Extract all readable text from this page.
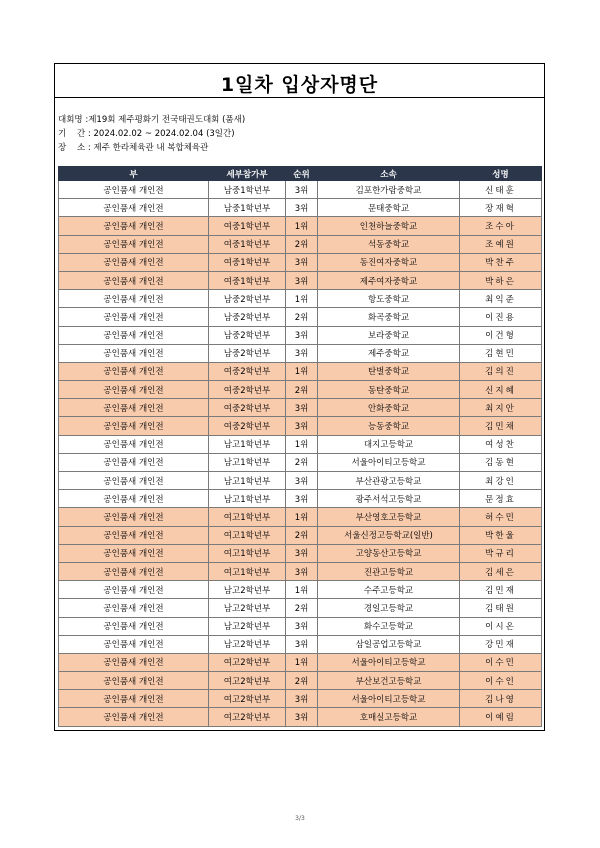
1일차 입상자명단
대회명 :제19회 제주평화기 전국태권도대회 (품새)
기    간 : 2024.02.02 ~ 2024.02.04 (3일간)
장    소 : 제주 한라체육관 내 복합체육관
부	세부참가부	순위	소속	성명
공인품새 개인전	남중1학년부	3위	김포한가람중학교	신태훈
공인품새 개인전	남중1학년부	3위	문태중학교	장재혁
공인품새 개인전	여중1학년부	1위	인천하늘중학교	조수아
공인품새 개인전	여중1학년부	2위	석동중학교	조예원
공인품새 개인전	여중1학년부	3위	동진여자중학교	박찬주
공인품새 개인전	여중1학년부	3위	제주여자중학교	박하은
공인품새 개인전	남중2학년부	1위	항도중학교	최익준
공인품새 개인전	남중2학년부	2위	화곡중학교	이진용
공인품새 개인전	남중2학년부	3위	보라중학교	이건형
공인품새 개인전	남중2학년부	3위	제주중학교	김현민
공인품새 개인전	여중2학년부	1위	탄벌중학교	김의진
공인품새 개인전	여중2학년부	2위	동탄중학교	신지혜
공인품새 개인전	여중2학년부	3위	안화중학교	최지안
공인품새 개인전	여중2학년부	3위	능동중학교	김민채
공인품새 개인전	남고1학년부	1위	대지고등학교	여성찬
공인품새 개인전	남고1학년부	2위	서울아이티고등학교	김동현
공인품새 개인전	남고1학년부	3위	부산관광고등학교	최강인
공인품새 개인전	남고1학년부	3위	광주서석고등학교	문정효
공인품새 개인전	여고1학년부	1위	부산영호고등학교	허수민
공인품새 개인전	여고1학년부	2위	서울신정고등학교(일반)	박한울
공인품새 개인전	여고1학년부	3위	고양동산고등학교	박규리
공인품새 개인전	여고1학년부	3위	진관고등학교	김세은
공인품새 개인전	남고2학년부	1위	수주고등학교	김민재
공인품새 개인전	남고2학년부	2위	경일고등학교	김태원
공인품새 개인전	남고2학년부	3위	화수고등학교	이시온
공인품새 개인전	남고2학년부	3위	삼일공업고등학교	강민재
공인품새 개인전	여고2학년부	1위	서울아이티고등학교	이수민
공인품새 개인전	여고2학년부	2위	부산보건고등학교	이수인
공인품새 개인전	여고2학년부	3위	서울아이티고등학교	김나영
공인품새 개인전	여고2학년부	3위	호매실고등학교	이예림
3/3
